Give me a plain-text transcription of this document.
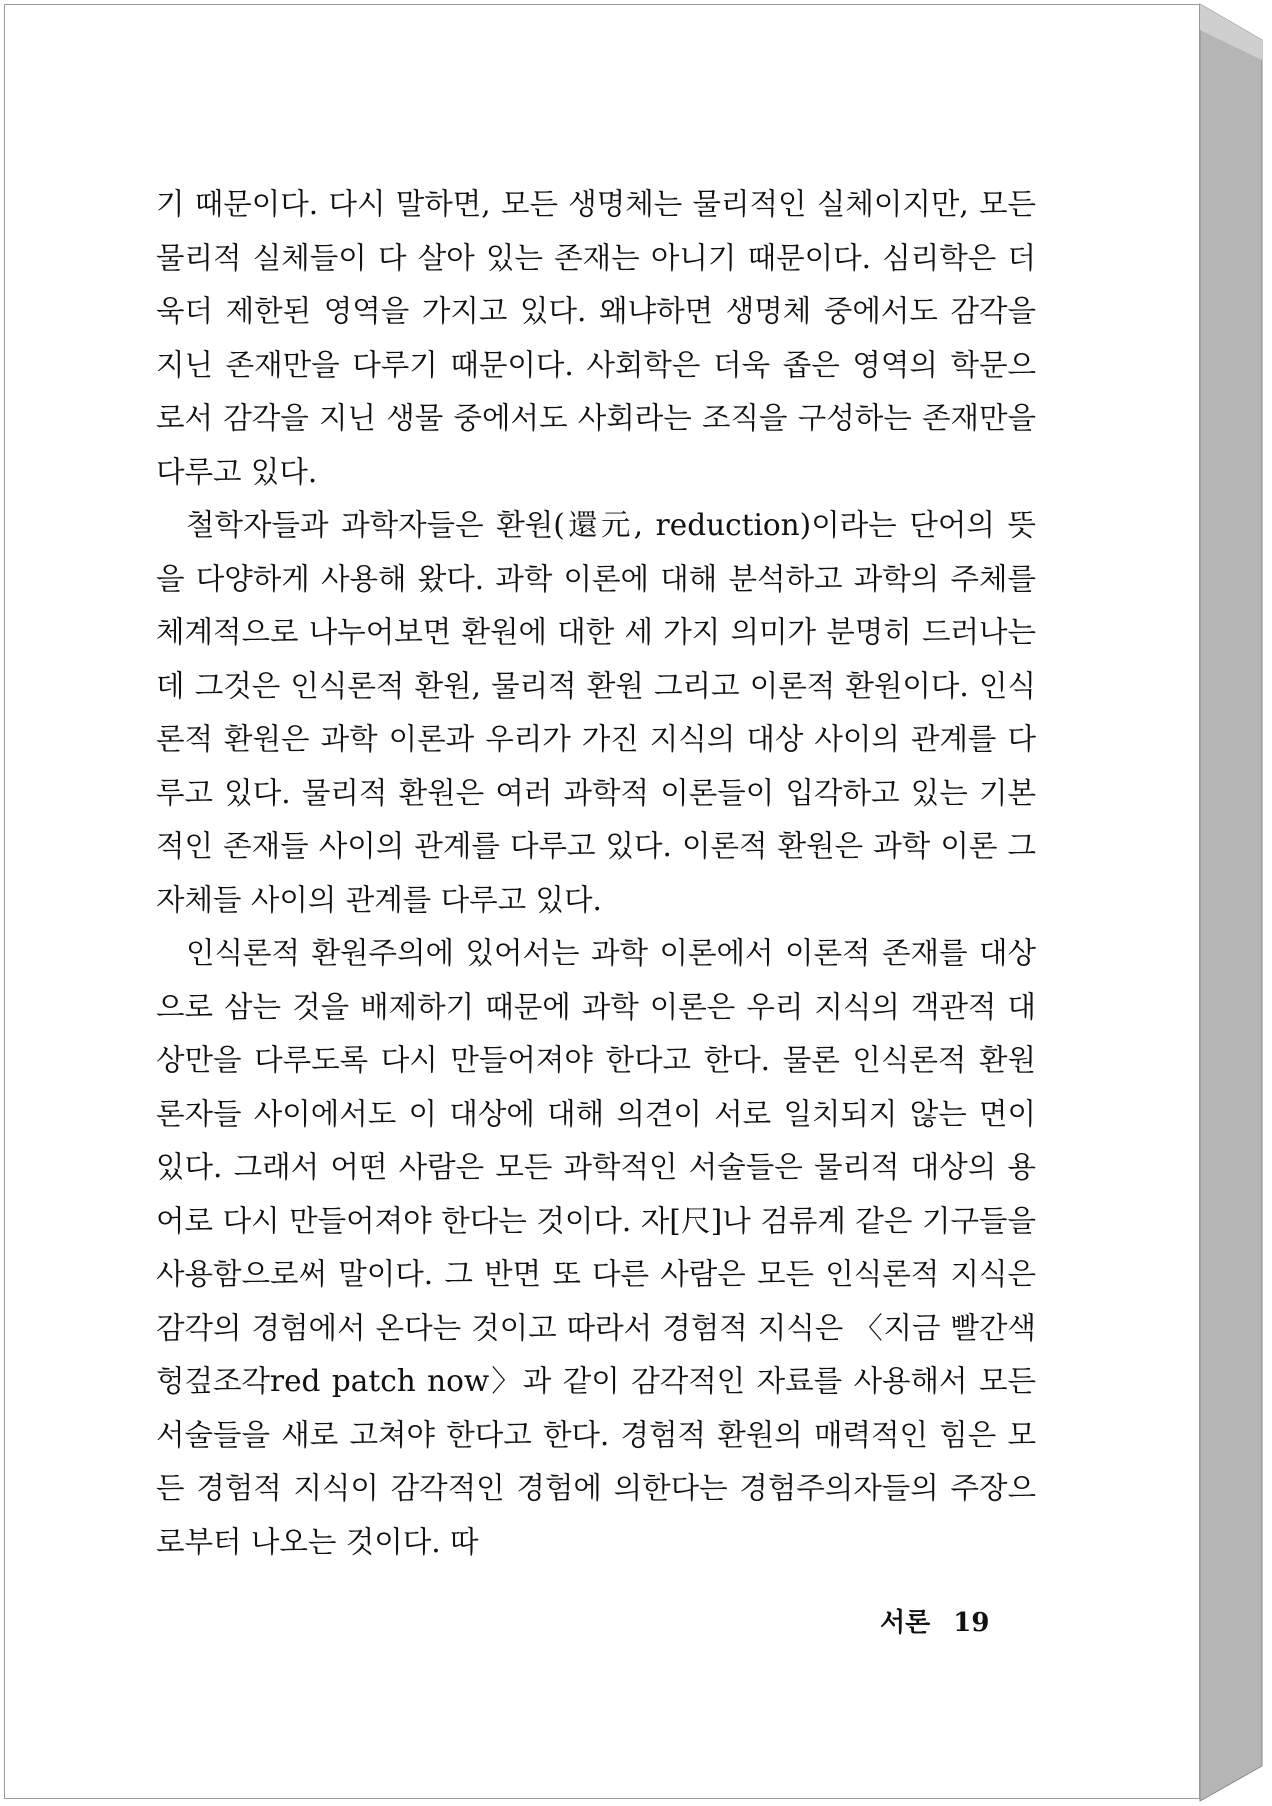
기 때문이다. 다시 말하면, 모든 생명체는 물리적인 실체이지만, 모든 물리적 실체들이 다 살아 있는 존재는 아니기 때문이다. 심리학은 더욱더 제한된 영역을 가지고 있다. 왜냐하면 생명체 중에서도 감각을 지닌 존재만을 다루기 때문이다. 사회학은 더욱 좁은 영역의 학문으로서 감각을 지닌 생물 중에서도 사회라는 조직을 구성하는 존재만을 다루고 있다.

철학자들과 과학자들은 환원(還元, reduction)이라는 단어의 뜻을 다양하게 사용해 왔다. 과학 이론에 대해 분석하고 과학의 주체를 체계적으로 나누어보면 환원에 대한 세 가지 의미가 분명히 드러나는데 그것은 인식론적 환원, 물리적 환원 그리고 이론적 환원이다. 인식론적 환원은 과학 이론과 우리가 가진 지식의 대상 사이의 관계를 다루고 있다. 물리적 환원은 여러 과학적 이론들이 입각하고 있는 기본적인 존재들 사이의 관계를 다루고 있다. 이론적 환원은 과학 이론 그 자체들 사이의 관계를 다루고 있다.

인식론적 환원주의에 있어서는 과학 이론에서 이론적 존재를 대상으로 삼는 것을 배제하기 때문에 과학 이론은 우리 지식의 객관적 대상만을 다루도록 다시 만들어져야 한다고 한다. 물론 인식론적 환원론자들 사이에서도 이 대상에 대해 의견이 서로 일치되지 않는 면이 있다. 그래서 어떤 사람은 모든 과학적인 서술들은 물리적 대상의 용어로 다시 만들어져야 한다는 것이다. 자[尺]나 검류계 같은 기구들을 사용함으로써 말이다. 그 반면 또 다른 사람은 모든 인식론적 지식은 감각의 경험에서 온다는 것이고 따라서 경험적 지식은 〈지금 빨간색 헝겊조각red patch now〉과 같이 감각적인 자료를 사용해서 모든 서술들을 새로 고쳐야 한다고 한다. 경험적 환원의 매력적인 힘은 모든 경험적 지식이 감각적인 경험에 의한다는 경험주의자들의 주장으로부터 나오는 것이다. 따

서론 19
